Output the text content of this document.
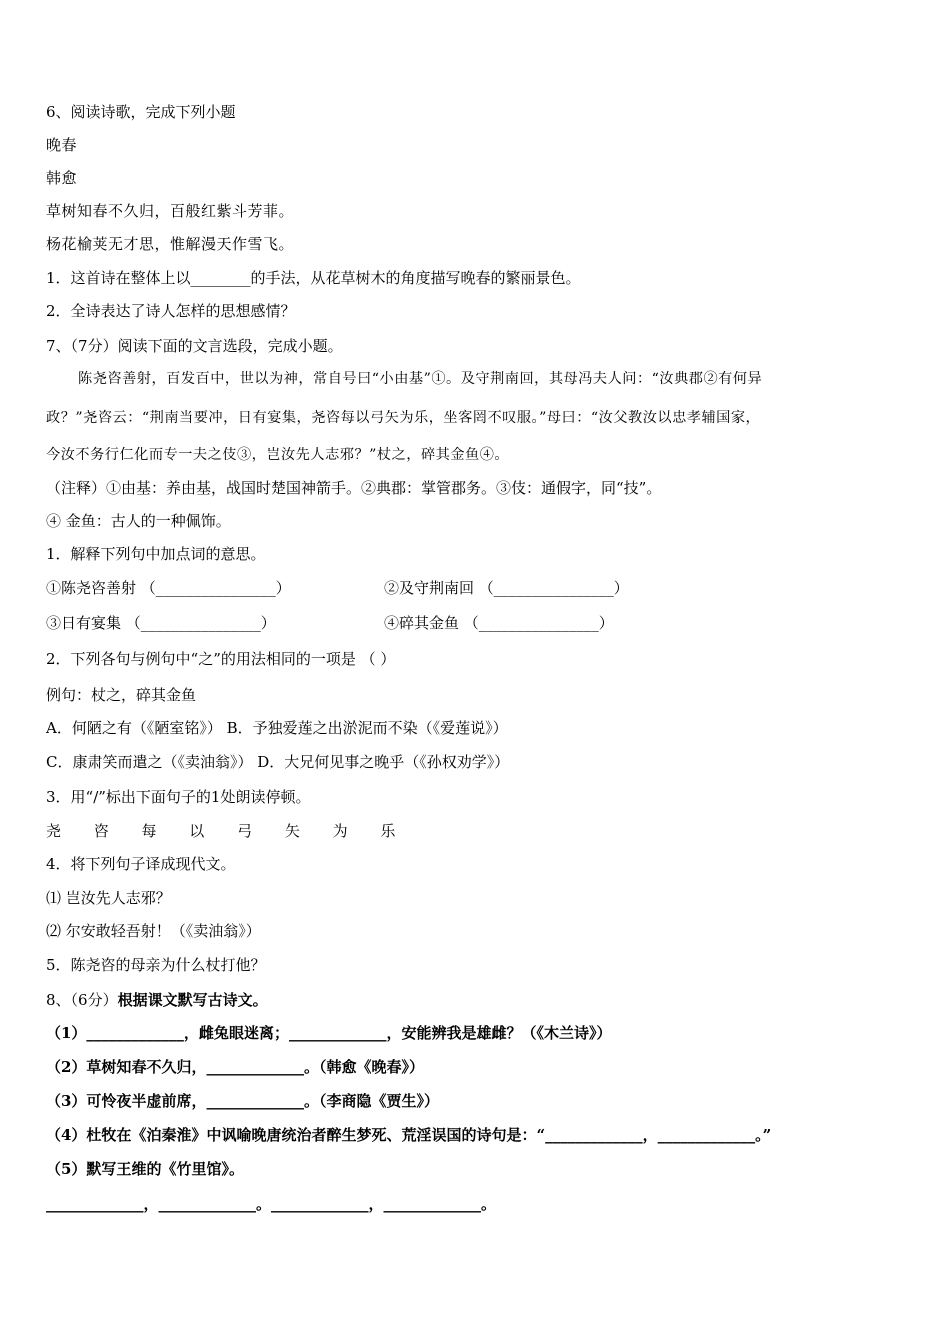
6、阅读诗歌，完成下列小题
晚春
韩愈
草树知春不久归，百般红紫斗芳菲。
杨花榆荚无才思，惟解漫天作雪飞。
1．这首诗在整体上以________的手法，从花草树木的角度描写晚春的繁丽景色。
2．全诗表达了诗人怎样的思想感情？
7、（7分）阅读下面的文言选段，完成小题。
陈尧咨善射，百发百中，世以为神，常自号曰“小由基”①。及守荆南回，其母冯夫人问：“汝典郡②有何异
政？”尧咨云：“荆南当要冲，日有宴集，尧咨每以弓矢为乐，坐客罔不叹服。”母曰：“汝父教汝以忠孝辅国家，
今汝不务行仁化而专一夫之伎③，岂汝先人志邪？”杖之，碎其金鱼④。
（注释）①由基：养由基，战国时楚国神箭手。②典郡：掌管郡务。③伎：通假字，同“技”。
④ 金鱼：古人的一种佩饰。
1．解释下列句中加点词的意思。
①陈尧咨善射 （________________）	②及守荆南回 （________________）
③日有宴集 （________________）	④碎其金鱼 （________________）
2．下列各句与例句中“之”的用法相同的一项是 （ ）
例句：杖之，碎其金鱼
A．何陋之有（《陋室铭》） B．予独爱莲之出淤泥而不染（《爱莲说》）
C．康肃笑而遣之（《卖油翁》） D．大兄何见事之晚乎（《孙权劝学》）
3．用“/”标出下面句子的1处朗读停顿。
尧 咨 每 以 弓 矢 为 乐
4．将下列句子译成现代文。
⑴ 岂汝先人志邪？
⑵ 尔安敢轻吾射！（《卖油翁》）
5．陈尧咨的母亲为什么杖打他？
8、（6分）根据课文默写古诗文。
（1）_____________，雌兔眼迷离；_____________，安能辨我是雄雌？（《木兰诗》）
（2）草树知春不久归，_____________。（韩愈《晚春》）
（3）可怜夜半虚前席，_____________。（李商隐《贾生》）
（4）杜牧在《泊秦淮》中讽喻晚唐统治者醉生梦死、荒淫误国的诗句是：“_____________，_____________。”
（5）默写王维的《竹里馆》。
_____________，_____________。_____________，_____________。
